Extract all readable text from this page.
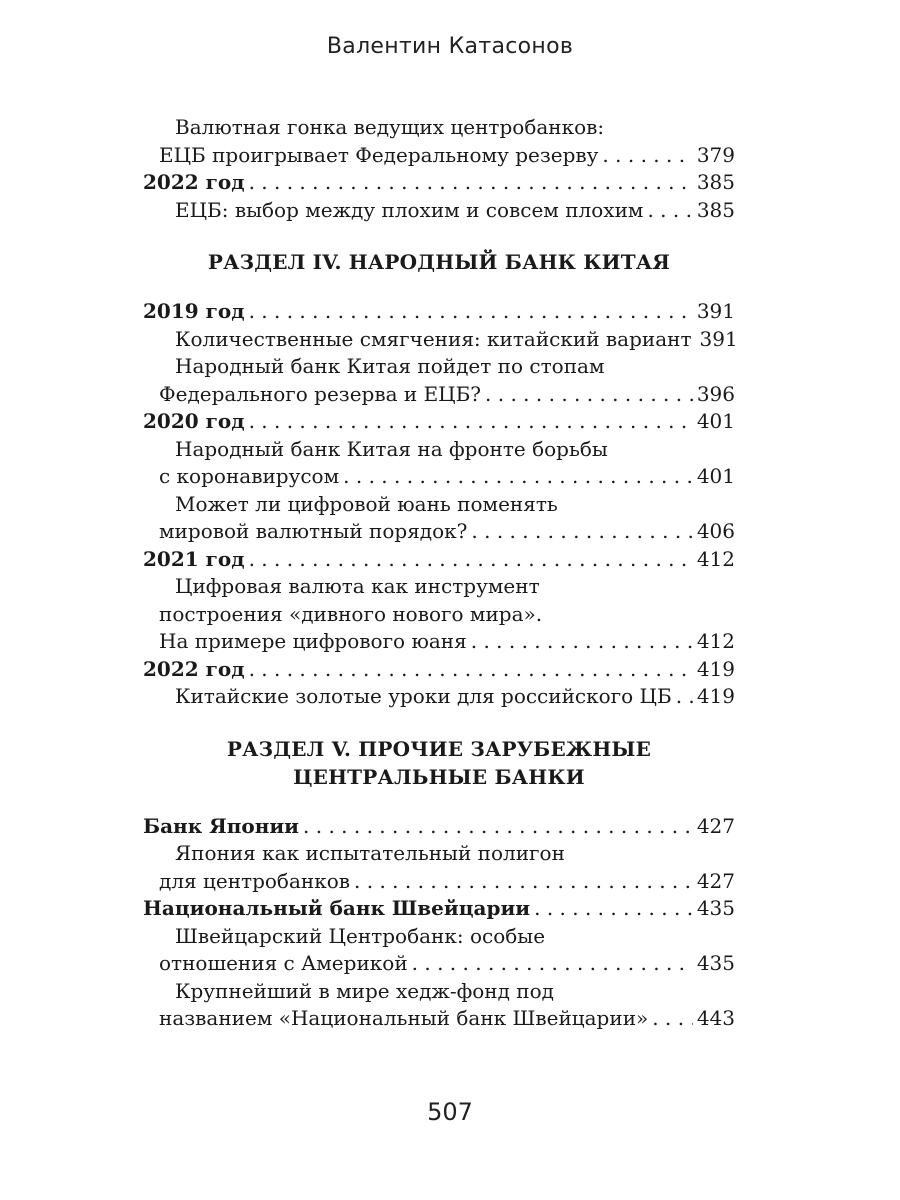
Валентин Катасонов
Валютная гонка ведущих центробанков:
ЕЦБ проигрывает Федеральному резерву . . .	379
2022 год . . .	385
ЕЦБ: выбор между плохим и совсем плохим . . .	385
РАЗДЕЛ IV. НАРОДНЫЙ БАНК КИТАЯ
2019 год . . .	391
Количественные смягчения: китайский вариант 391
Народный банк Китая пойдет по стопам
Федерального резерва и ЕЦБ? . . .	396
2020 год . . .	401
Народный банк Китая на фронте борьбы
с коронавирусом . . .	401
Может ли цифровой юань поменять
мировой валютный порядок? . . .	406
2021 год . . .	412
Цифровая валюта как инструмент
построения «дивного нового мира».
На примере цифрового юаня . . .	412
2022 год . . .	419
Китайские золотые уроки для российского ЦБ . . . 419
РАЗДЕЛ V. ПРОЧИЕ ЗАРУБЕЖНЫЕ
ЦЕНТРАЛЬНЫЕ БАНКИ
Банк Японии . . .	427
Япония как испытательный полигон
для центробанков . . .	427
Национальный банк Швейцарии . . .	435
Швейцарский Центробанк: особые
отношения с Америкой . . .	435
Крупнейший в мире хедж-фонд под
названием «Национальный банк Швейцарии» . . . 443
507
